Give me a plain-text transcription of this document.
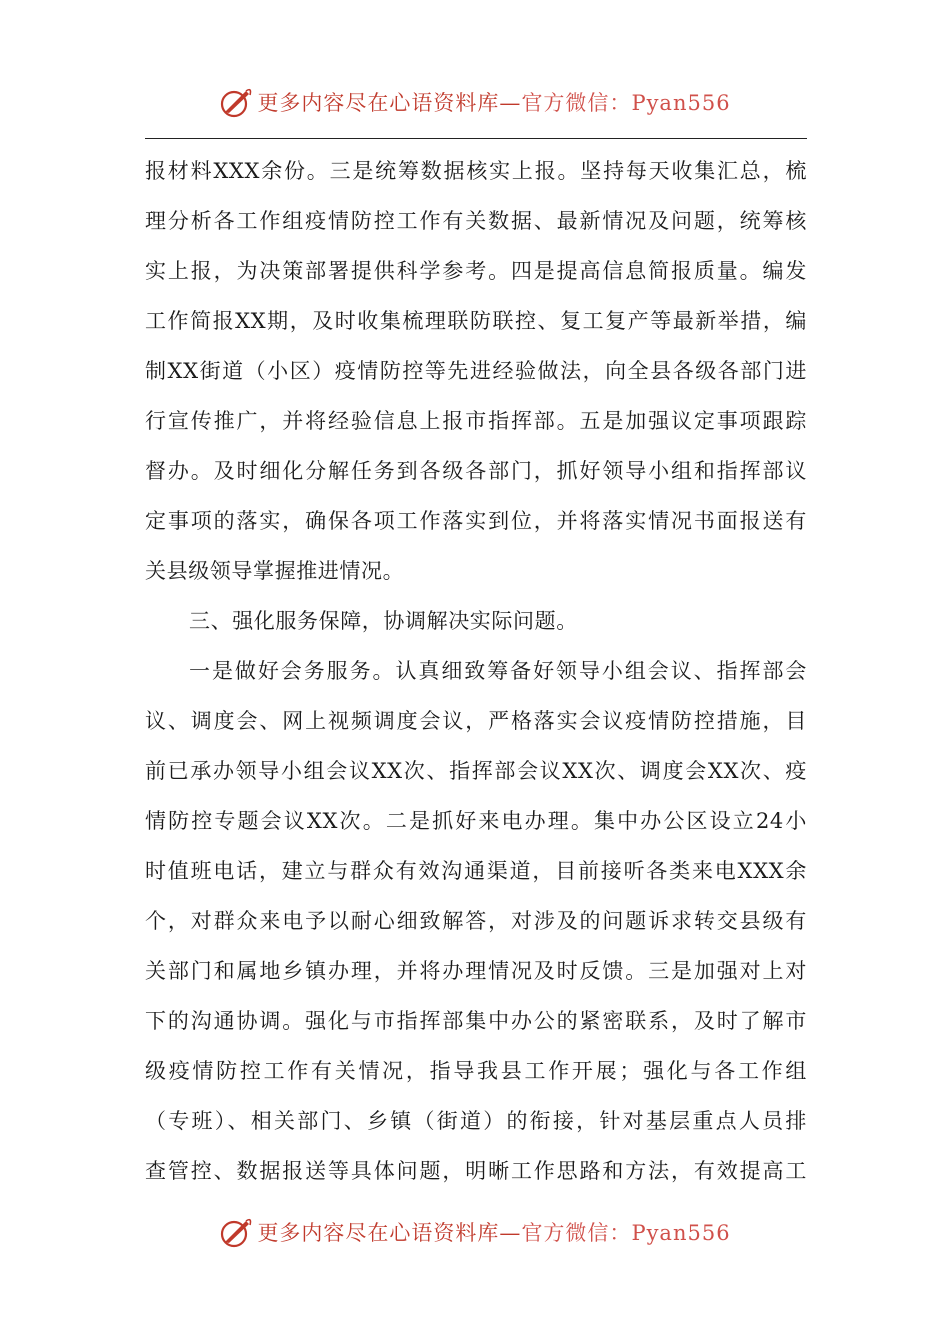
更多内容尽在心语资料库—官方微信：Pyan556
报材料XXX余份。三是统筹数据核实上报。坚持每天收集汇总，梳
理分析各工作组疫情防控工作有关数据、最新情况及问题，统筹核
实上报，为决策部署提供科学参考。四是提高信息简报质量。编发
工作简报XX期，及时收集梳理联防联控、复工复产等最新举措，编
制XX街道（小区）疫情防控等先进经验做法，向全县各级各部门进
行宣传推广，并将经验信息上报市指挥部。五是加强议定事项跟踪
督办。及时细化分解任务到各级各部门，抓好领导小组和指挥部议
定事项的落实，确保各项工作落实到位，并将落实情况书面报送有
关县级领导掌握推进情况。
三、强化服务保障，协调解决实际问题。
一是做好会务服务。认真细致筹备好领导小组会议、指挥部会
议、调度会、网上视频调度会议，严格落实会议疫情防控措施，目
前已承办领导小组会议XX次、指挥部会议XX次、调度会XX次、疫
情防控专题会议XX次。二是抓好来电办理。集中办公区设立24小
时值班电话，建立与群众有效沟通渠道，目前接听各类来电XXX余
个，对群众来电予以耐心细致解答，对涉及的问题诉求转交县级有
关部门和属地乡镇办理，并将办理情况及时反馈。三是加强对上对
下的沟通协调。强化与市指挥部集中办公的紧密联系，及时了解市
级疫情防控工作有关情况，指导我县工作开展；强化与各工作组
（专班）、相关部门、乡镇（街道）的衔接，针对基层重点人员排
查管控、数据报送等具体问题，明晰工作思路和方法，有效提高工
更多内容尽在心语资料库—官方微信：Pyan556
